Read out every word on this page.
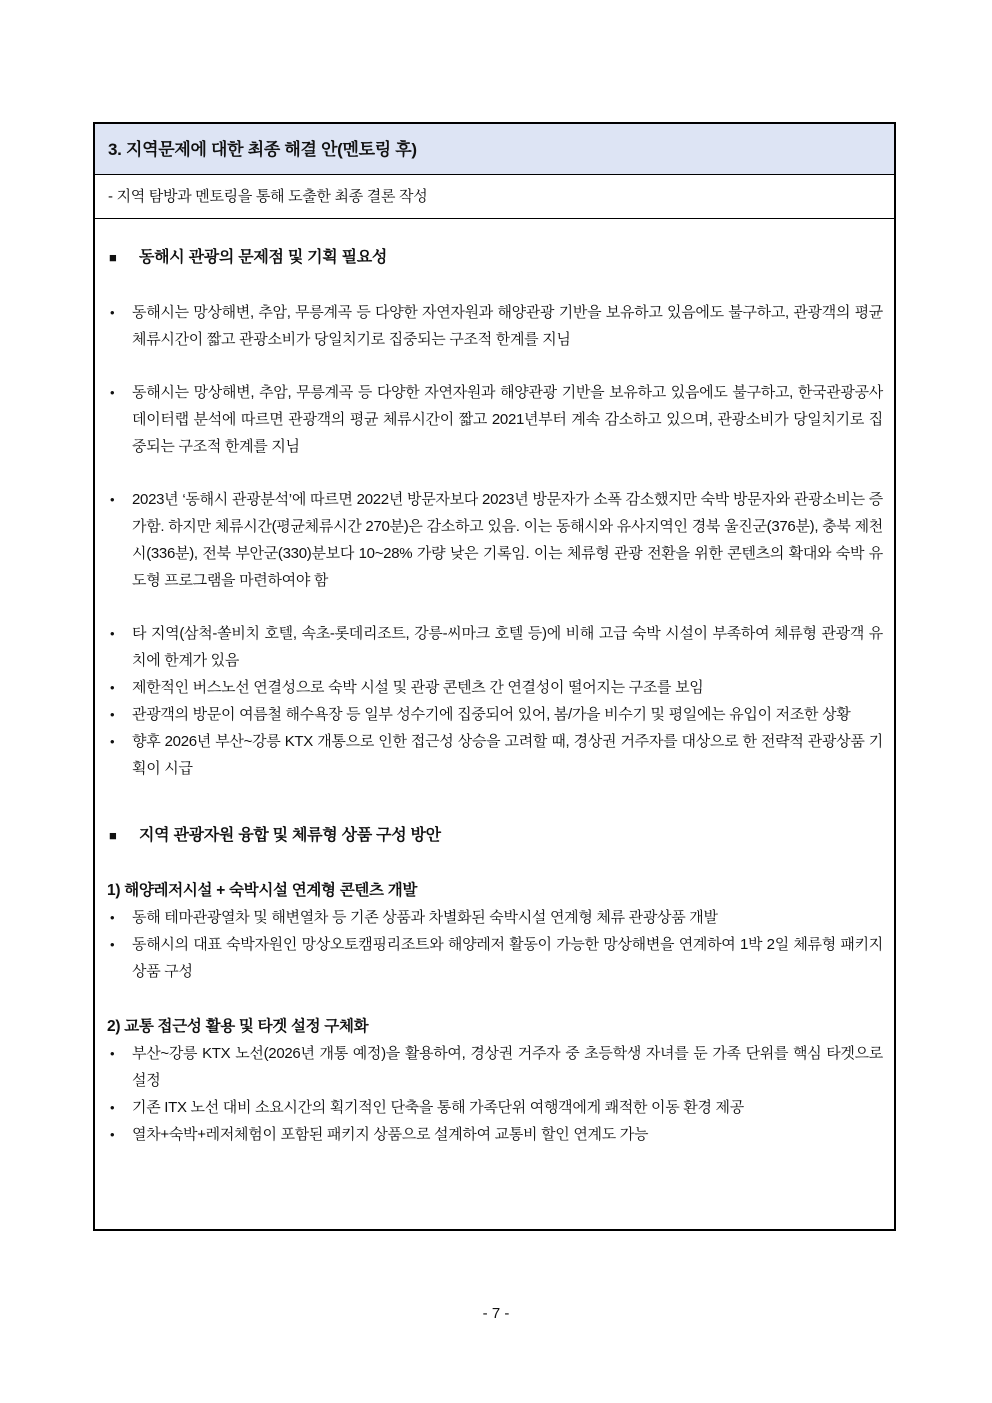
3. 지역문제에 대한 최종 해결 안(멘토링 후)
- 지역 탐방과 멘토링을 통해 도출한 최종 결론 작성
■	동해시 관광의 문제점 및 기획 필요성
•	동해시는 망상해변, 추암, 무릉계곡 등 다양한 자연자원과 해양관광 기반을 보유하고 있음에도 불구하고, 관광객의 평균 체류시간이 짧고 관광소비가 당일치기로 집중되는 구조적 한계를 지님
•	동해시는 망상해변, 추암, 무릉계곡 등 다양한 자연자원과 해양관광 기반을 보유하고 있음에도 불구하고, 한국관광공사 데이터랩 분석에 따르면 관광객의 평균 체류시간이 짧고 2021년부터 계속 감소하고 있으며, 관광소비가 당일치기로 집중되는 구조적 한계를 지님
•	2023년 ‘동해시 관광분석’에 따르면 2022년 방문자보다 2023년 방문자가 소폭 감소했지만 숙박 방문자와 관광소비는 증가함. 하지만 체류시간(평균체류시간 270분)은 감소하고 있음. 이는 동해시와 유사지역인 경북 울진군(376분), 충북 제천시(336분), 전북 부안군(330)분보다 10~28% 가량 낮은 기록임. 이는 체류형 관광 전환을 위한 콘텐츠의 확대와 숙박 유도형 프로그램을 마련하여야 함
•	타 지역(삼척-쏠비치 호텔, 속초-롯데리조트, 강릉-씨마크 호텔 등)에 비해 고급 숙박 시설이 부족하여 체류형 관광객 유치에 한계가 있음
•	제한적인 버스노선 연결성으로 숙박 시설 및 관광 콘텐츠 간 연결성이 떨어지는 구조를 보임
•	관광객의 방문이 여름철 해수욕장 등 일부 성수기에 집중되어 있어, 봄/가을 비수기 및 평일에는 유입이 저조한 상황
•	향후 2026년 부산~강릉 KTX 개통으로 인한 접근성 상승을 고려할 때, 경상권 거주자를 대상으로 한 전략적 관광상품 기획이 시급
■	지역 관광자원 융합 및 체류형 상품 구성 방안
1) 해양레저시설 + 숙박시설 연계형 콘텐츠 개발
•	동해 테마관광열차 및 해변열차 등 기존 상품과 차별화된 숙박시설 연계형 체류 관광상품 개발
•	동해시의 대표 숙박자원인 망상오토캠핑리조트와 해양레저 활동이 가능한 망상해변을 연계하여 1박 2일 체류형 패키지 상품 구성
2) 교통 접근성 활용 및 타겟 설정 구체화
•	부산~강릉 KTX 노선(2026년 개통 예정)을 활용하여, 경상권 거주자 중 초등학생 자녀를 둔 가족 단위를 핵심 타겟으로 설정
•	기존 ITX 노선 대비 소요시간의 획기적인 단축을 통해 가족단위 여행객에게 쾌적한 이동 환경 제공
•	열차+숙박+레저체험이 포함된 패키지 상품으로 설계하여 교통비 할인 연계도 가능
- 7 -
